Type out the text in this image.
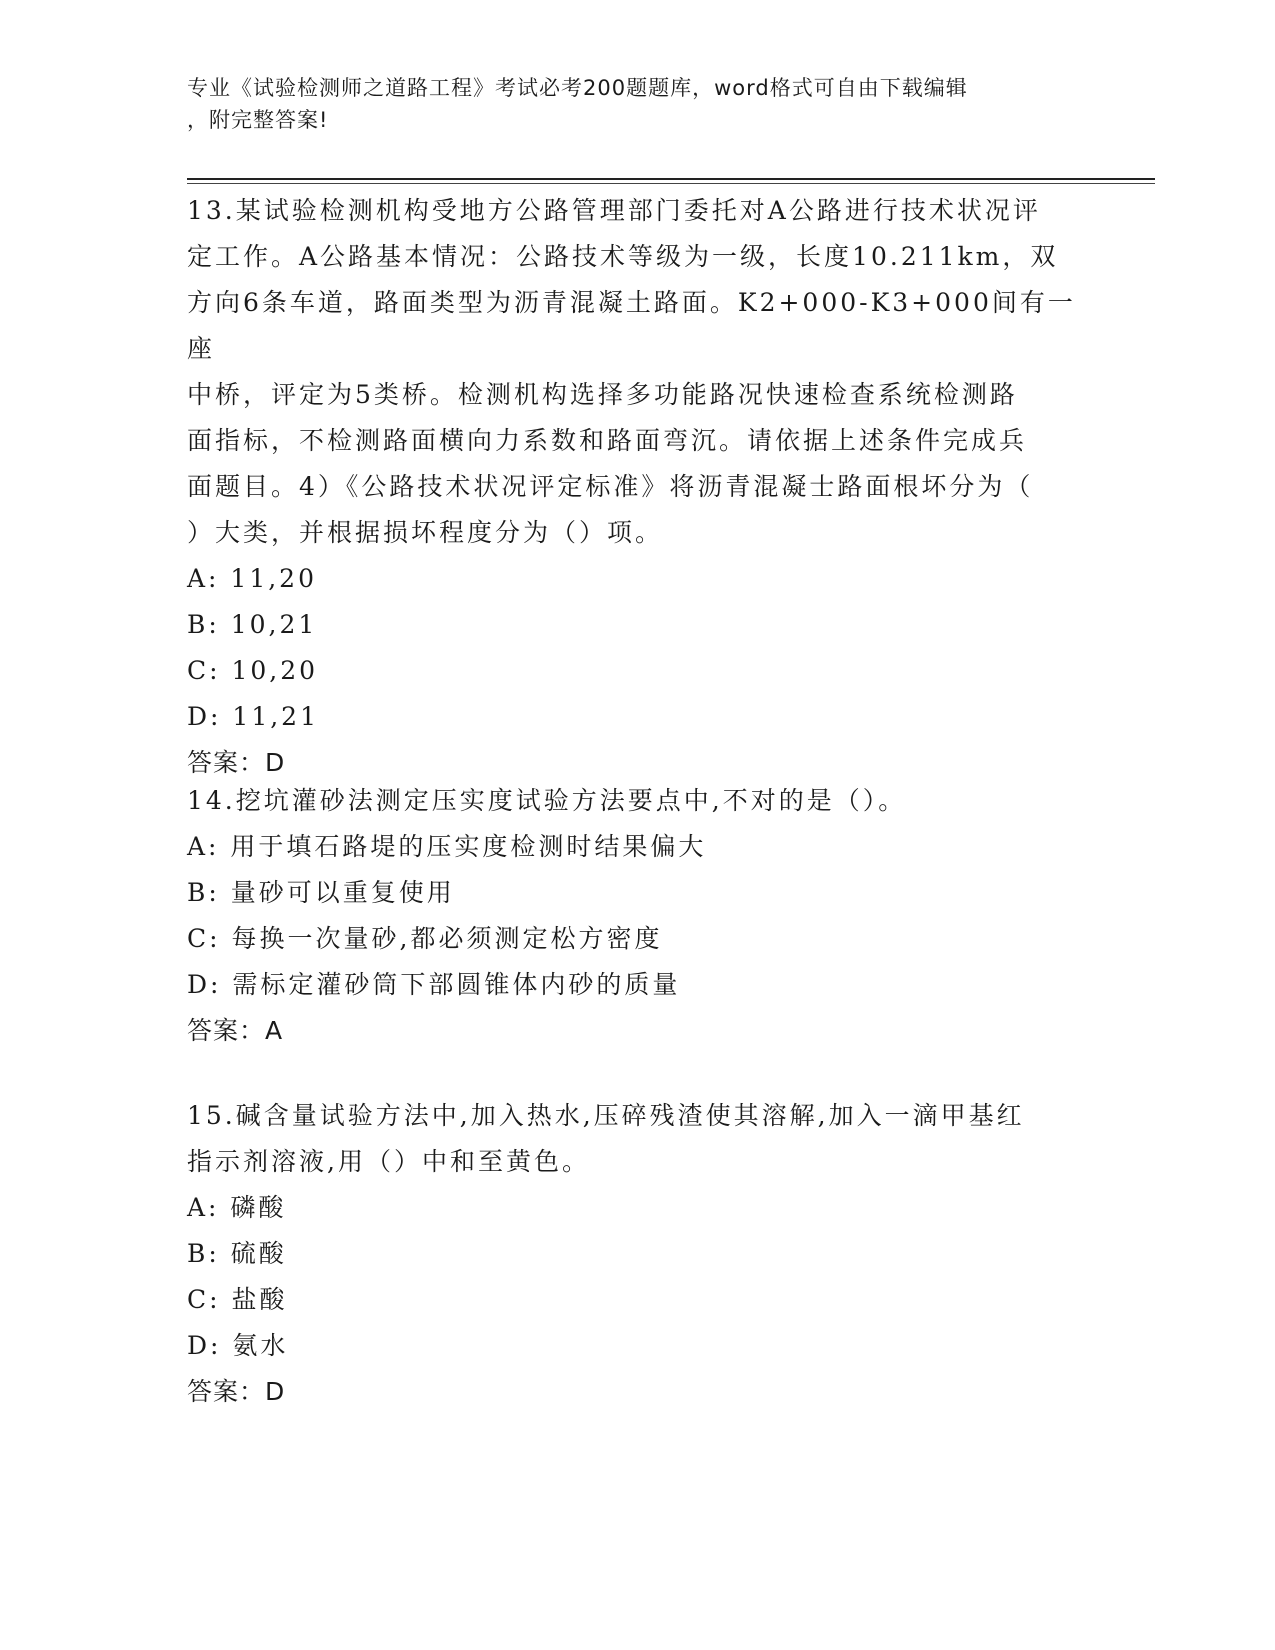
专业《试验检测师之道路工程》考试必考200题题库，word格式可自由下载编辑
，附完整答案!

13.某试验检测机构受地方公路管理部门委托对A公路进行技术状况评
定工作。A公路基本情况：公路技术等级为一级，长度10.211km，双
方向6条车道，路面类型为沥青混凝土路面。K2+000-K3+000间有一座
中桥，评定为5类桥。检测机构选择多功能路况快速检查系统检测路
面指标，不检测路面横向力系数和路面弯沉。请依据上述条件完成兵
面题目。4）《公路技术状况评定标准》将沥青混凝士路面根坏分为（
）大类，并根据损坏程度分为（）项。

A: 11,20
B: 10,21
C: 10,20
D: 11,21
答案：D

14.挖坑灌砂法测定压实度试验方法要点中,不对的是（）。

A: 用于填石路堤的压实度检测时结果偏大
B: 量砂可以重复使用
C: 每换一次量砂,都必须测定松方密度
D: 需标定灌砂筒下部圆锥体内砂的质量
答案：A

15.碱含量试验方法中,加入热水,压碎残渣使其溶解,加入一滴甲基红
指示剂溶液,用（）中和至黄色。

A: 磷酸
B: 硫酸
C: 盐酸
D: 氨水
答案：D
